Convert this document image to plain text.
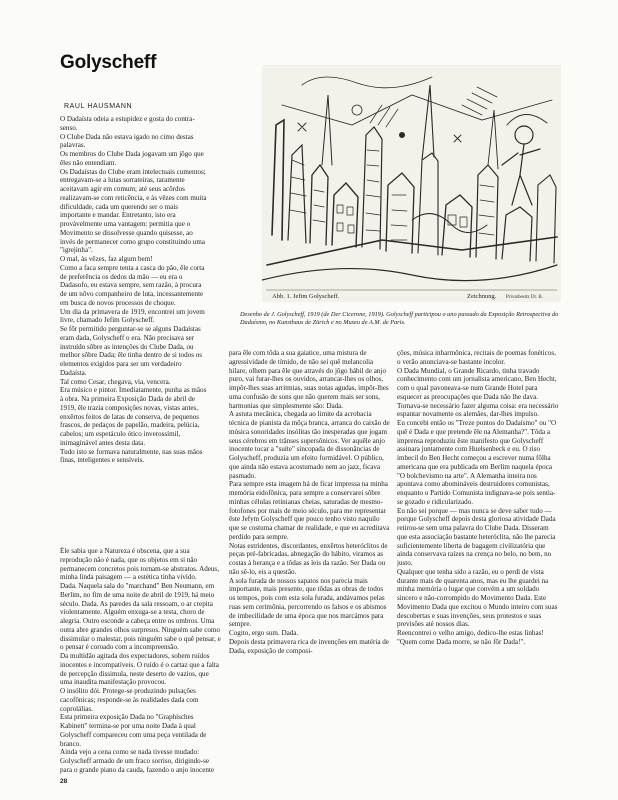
Golyscheff
RAUL HAUSMANN

O Dadaísta odeia a estupidez e gosta do contra-senso.

O Clube Dada não estava igado no cimo destas palavras.

Os membros do Clube Dada jogavam um jôgo que êles não entendiam.

Os Dadaístas do Clube eram intelectuais cumentos; entregavam-se a lutas sorrateiras, raramente aceitavam agir em comum; até seus acôrdos realizavam-se com reticência, e às vêzes com muita dificuldade, cada um querendo ser o mais importante e mandar. Entretanto, isto era provàvelmente uma vantagem: permitia que o Movimento se dissolvesse quando quisesse, ao invés de permanecer como grupo constituindo uma "igrejinha".

O mal, às vêzes, faz algum bem!

Como a faca sempre tenta a casca do pão, êle corta de preferência os dedos da mão — eu era o Dadasofo, eu estava sempre, sem razão, à procura de um nôvo companheiro de luta, incessantemente em busca de novos processos de choque.

Um dia da primavera de 1919, encontrei um jovem livre, chamado Jefim Golyscheff.

Se fôr permitido perguntar-se se alguns Dadaístas eram dada, Golyscheff o era. Não precisava ser instruído sôbre as intenções do Clube Dada, ou melhor sôbre Dada; êle tinha dentro de si todos os elementos exigidos para ser um verdadeiro Dadaísta.

Tal como Cesar, chegava, via, vencera.

Era músico e pintor. Imediatamente, punha as mãos à obra. Na primeira Exposição Dada de abril de 1919, êle trazia composições novas, vistas antes, enxêrtos feitos de latas de conserva, de pequenos frascos, de pedaços de papelão, madeira, pelúcia, cabelos; um espetáculo ótico inverossímil, inimaginável antes desta data.

Tudo isto se formava naturalmente, nas suas mãos finas, inteligentes e sensíveis.

Abb. 1. Jefim Golyscheff.	Zeichnung. Privatbesitz Dr. B.

Desenho de J. Golyscheff, 1919 (de Der Cicerone, 1919). Golyscheff participou o uno passado da Exposição Retrospectiva do Dadaísmo, no Kunsthaus de Zürich e no Museu de A.M. de Paris.

Êle sabia que a Natureza é obscena, que a sua reprodução não é nada, que os objetos em si não permanecem concretos pois tornam-se abstratos. Adeus, minha linda paisagem — a estética tinha vivido.

Dada. Naquela sala do "marchand" Ben Neumann, em Berlim, no fim de uma noite de abril de 1919, há meio século. Dada. As paredes da sala ressoam, o ar crepita violentamente. Alguém enxuga-se a testa, choro de alegria. Outro esconde a cabeça entre os ombros. Uma outra abre grandes olhos surpresos. Ninguém sabe como dissimular o malestar, pois ninguém sabe o quê pensar, e o pensar é coroado com a incompreensão.

Da multidão agitada dos expectadores, sobem ruídos inocentes e incompatíveis. O ruído é o cartaz que a falta de percepção dissimula, neste deserto de vazios, que uma inaudita manifestação provocou.

O insólito dói. Protege-se produzindo pulsações cacofônicas; responde-se às realidades dada com coprolálias.

Esta primeira exposição Dada no "Graphisches Kabinett" termina-se por uma noite Dada à qual Golyscheff compareceu com uma peça ventilada de branco.

Ainda vejo a cena como se nada tivesse mudado: Golyscheff armado de um fraco sorriso, dirigindo-se para o grande piano da cauda, fazendo o anjo inocente

para êle com tôda a sua gaiatice, uma mistura de agressividade de tímido, de não sei quê melancolia hilare, olhem para êle que através do jôgo hábil de anjo puro, vai furar-lhes os ouvidos, arrancar-lhes os olhos, impôr-lhes suas arritmias, suas notas agudas, impôr-lhes uma confusão de sons que não querem mais ser sons, harmonias que simplesmente são: Dada.

A astuta mecânica, chegada ao limite da acrobacia técnica de pianista da môça branca, arranca do caixão de música sonoridades insólitas tão inesperadas que jogam seus cérebros em trânses supersônicos. Ver aquêle anjo inocente tocar a "suíte" sincopada de dissonâncias de Golyscheff, produzia um efeito formidável. O público, que ainda não estava acostumado nem ao jazz, ficava pasmado.

Para sempre esta imagem há de ficar impressa na minha memória eidofônica, para sempre a conservarei sôbre minhas células retinianas cheias, saturadas de mesmo-fotofones por mais de meio século, para me representar êste Jefym Golyscheff que pouco tenho visto naquilo que se costuma chamar de realidade, e que eu acreditava perdido para sempre.

Notas estridentes, discordantes, enxêrtos heteróclitos de peças pré-fabricadas, abnegação do hábito, viramos as costas à herança e a tôdas as leis da razão. Ser Dada ou não sê-lo, eis a questão.

A sola furada de nossos sapatos nos parecia mais importante, mais presente, que tôdas as obras de todos os tempos, pois com esta sola furada, andávamos pelas ruas sem cerimônia, percorrendo os falsos e os abismos de imbecilidade de uma época que nos marcámos para sempre.

Cogito, ergo sum. Dada.

Depois desta primavera rica de invenções em matéria de Dada, exposição de composi-

ções, música inharmônica, recitais de poemas fonéticos, o verão anunciava-se bastante incolor.

O Dada Mundial, o Grande Ricardo, tinha travado conhecimento com um jornalista americano, Ben Hecht, com o qual pavoneava-se num Grande Hotel para esquecer as preocupações que Dada não lhe dava.

Tornava-se necessário fazer alguma coisa: era necessário espantar novamente os alemães, dar-lhes impulso.

Eu concebi então os "Treze pontos do Dadaísmo" ou "O quê é Dada e que pretende êle na Alemanha?". Tôda a imprensa reproduziu êste manifesto que Golyscheff assinara juntamente com Huelsenbeck e eu. O riso imbecil do Ben Hecht começou a escrever numa fôlha americana que era publicada em Berlim naquela época "O bolchevismo na arte". A Alemanha inteira nos apontava como abomináveis destruidores comunistas, enquanto o Partido Comunista indignava-se pois sentia-se gozado e ridicularizado.

Eu não sei porque — mas nunca se deve saber tudo — porque Golyscheff depois desta gloriosa atividade Dada retirou-se sem uma palavra do Clube Dada. Disseram que esta associação bastante heteróclita, não lhe parecia suficientemente liberta de bagagem civilizatória que ainda conservava raízes na crença no belo, no bem, no justo.

Qualquer que tenha sido a razão, eu o perdi de vista durante mais de quarenta anos, mas eu lhe guardei na minha memória o lugar que convém a um soldado sincero e não-corrompido do Movimento Dada. Este Movimento Dada que excitou o Mundo inteiro com suas descobertas e suas invenções, seus protestos e suas previsões até nossos dias.

Reencontrei o velho amigo, dedico-lhe estas linhas!

"Quem come Dada morre, se não fôr Dada!".

28
